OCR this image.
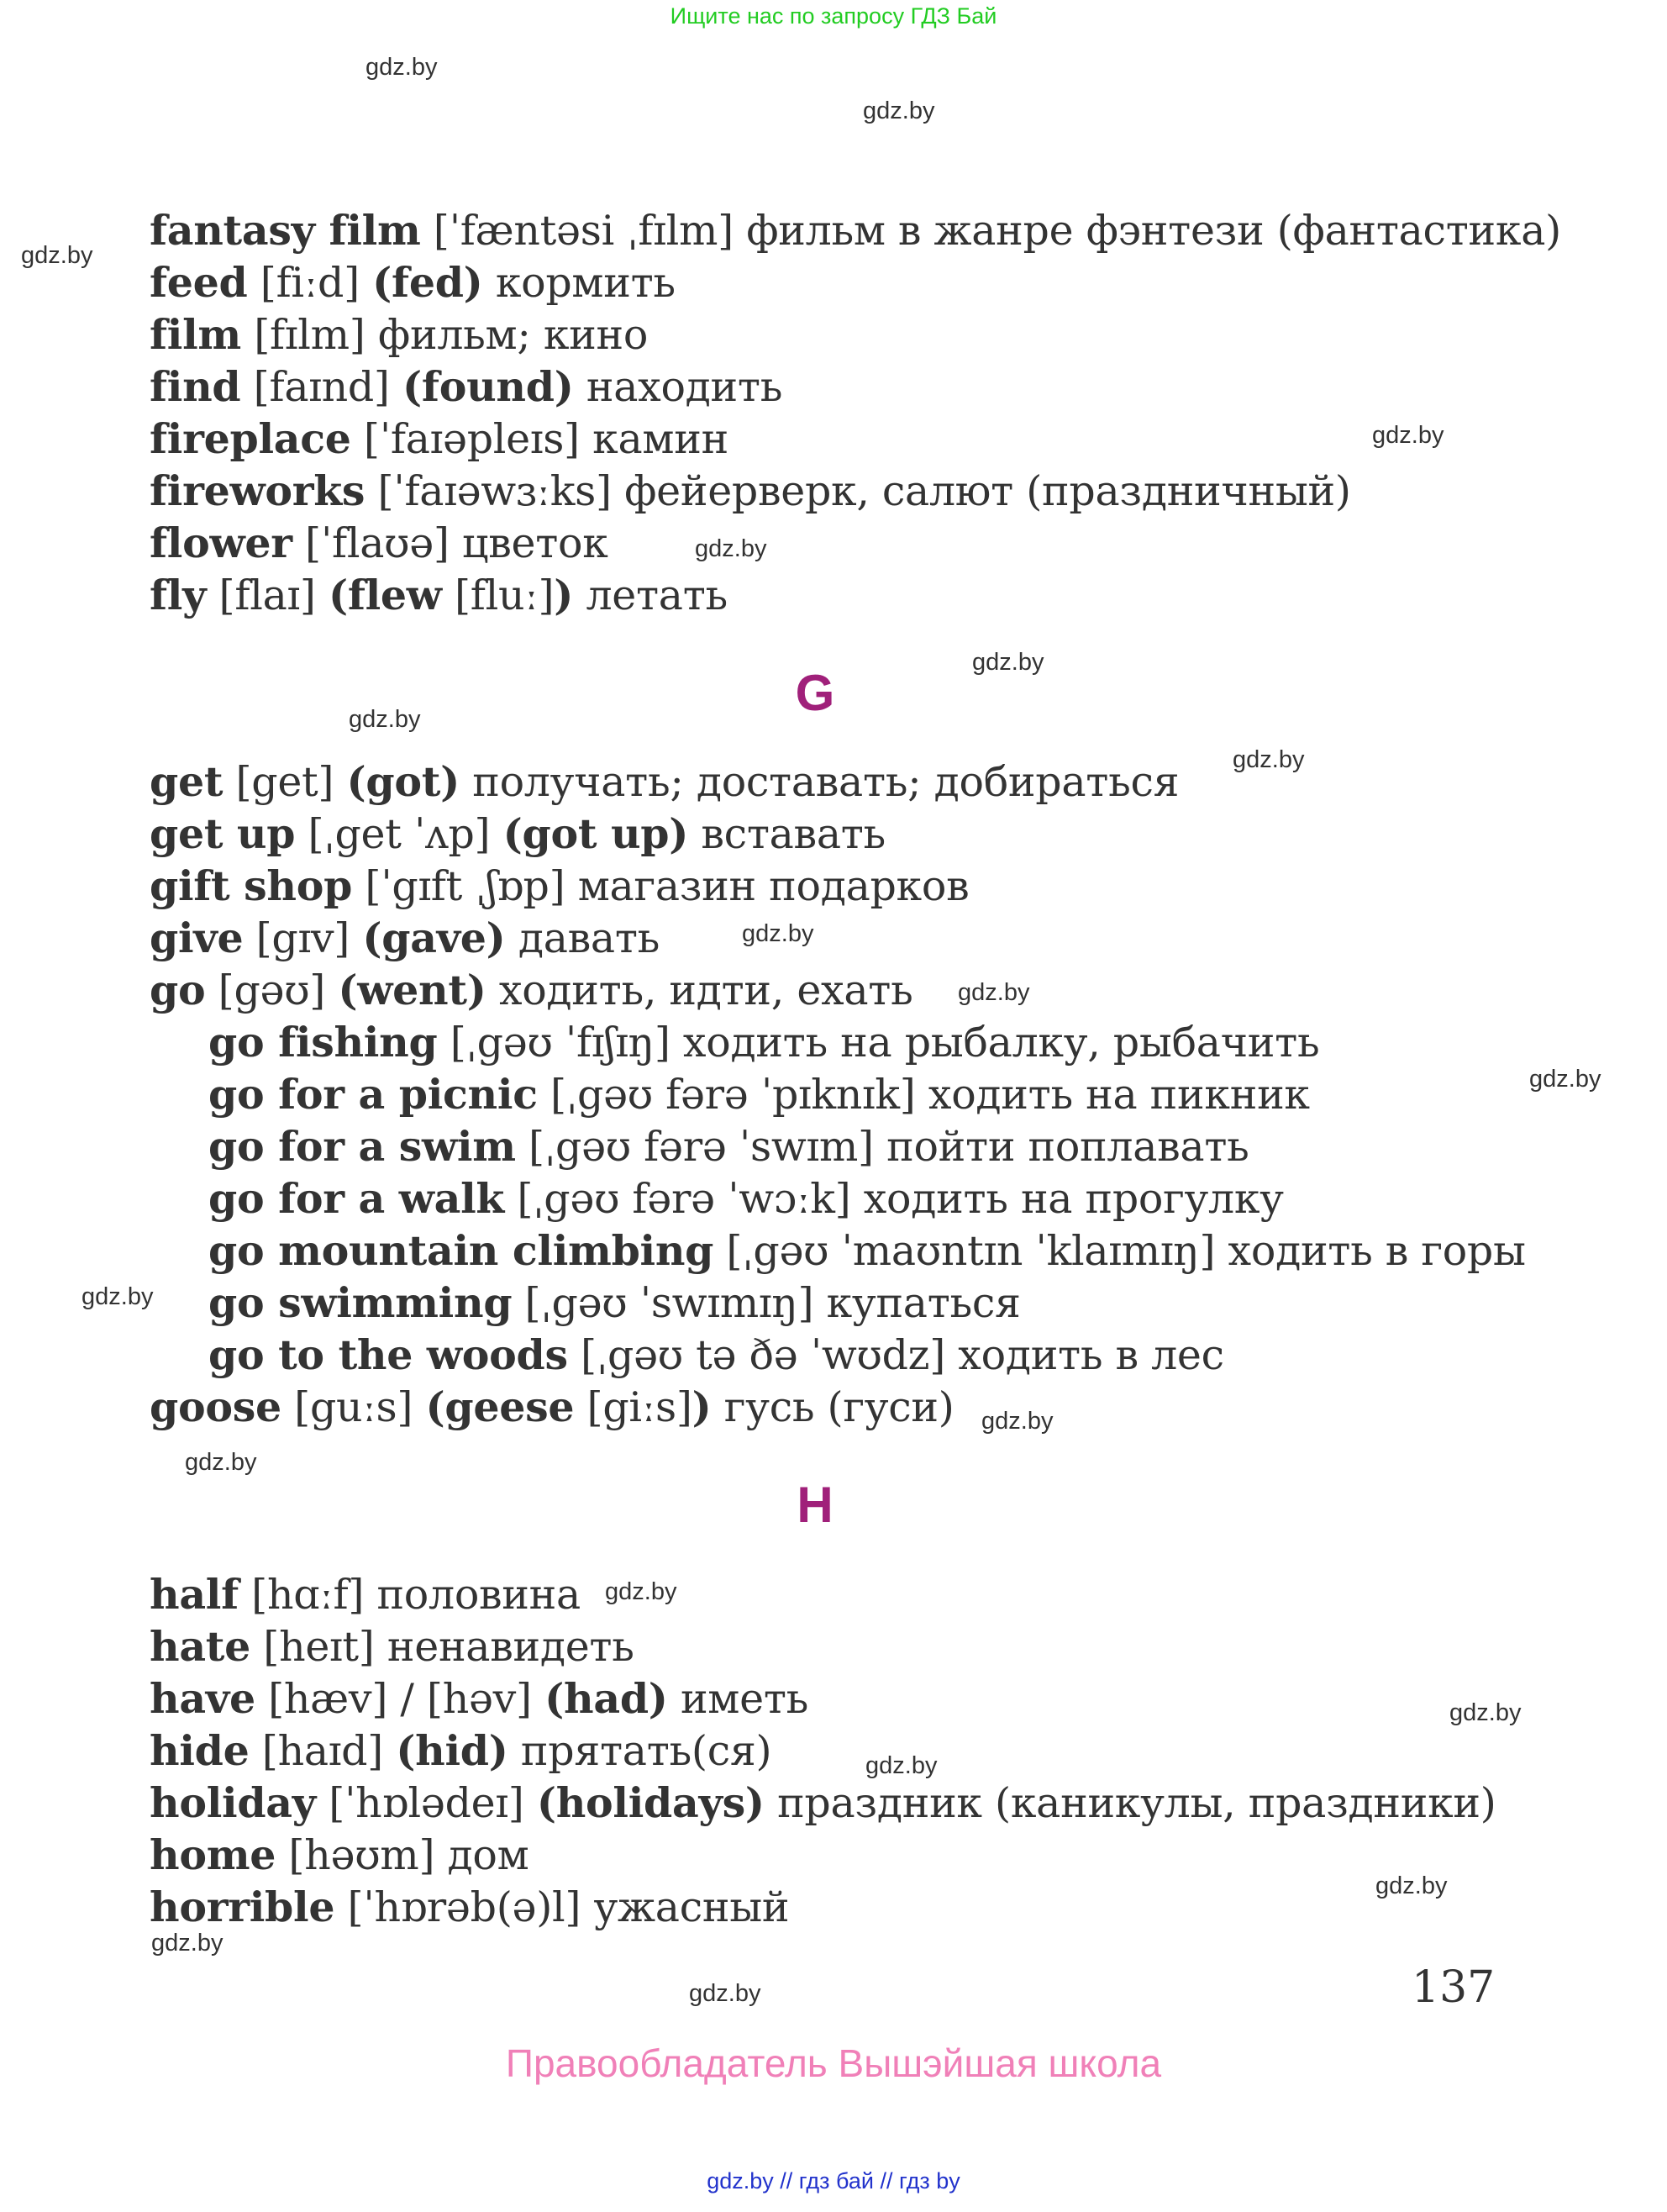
Ищите нас по запросу ГДЗ Бай
gdz.by
gdz.by
gdz.by
gdz.by
gdz.by
gdz.by
gdz.by
gdz.by
gdz.by
gdz.by
gdz.by
gdz.by
gdz.by
gdz.by
gdz.by
gdz.by
gdz.by
gdz.by
gdz.by
gdz.by
fantasy film [ˈfæntəsi ˌfɪlm] фильм в жанре фэнтези (фантастика)
feed [fiːd] (fed) кормить
film [fɪlm] фильм; кино
find [faɪnd] (found) находить
fireplace [ˈfaɪəpleɪs] камин
fireworks [ˈfaɪəwɜːks] фейерверк, салют (праздничный)
flower [ˈflaʊə] цветок
fly [flaɪ] (flew [fluː]) летать
G
get [get] (got) получать; доставать; добираться
get up [ˌget ˈʌp] (got up) вставать
gift shop [ˈgɪft ˌʃɒp] магазин подарков
give [gɪv] (gave) давать
go [gəʊ] (went) ходить, идти, ехать
go fishing [ˌgəʊ ˈfɪʃɪŋ] ходить на рыбалку, рыбачить
go for a picnic [ˌgəʊ fərə ˈpɪknɪk] ходить на пикник
go for a swim [ˌgəʊ fərə ˈswɪm] пойти поплавать
go for a walk [ˌgəʊ fərə ˈwɔːk] ходить на прогулку
go mountain climbing [ˌgəʊ ˈmaʊntɪn ˈklaɪmɪŋ] ходить в горы
go swimming [ˌgəʊ ˈswɪmɪŋ] купаться
go to the woods [ˌgəʊ tə ðə ˈwʊdz] ходить в лес
goose [guːs] (geese [giːs]) гусь (гуси)
H
half [hɑːf] половина
hate [heɪt] ненавидеть
have [hæv] / [həv] (had) иметь
hide [haɪd] (hid) прятать(ся)
holiday [ˈhɒlədeɪ] (holidays) праздник (каникулы, праздники)
home [həʊm] дом
horrible [ˈhɒrəb(ə)l] ужасный
137
Правообладатель Вышэйшая школа
gdz.by // гдз бай // гдз by
